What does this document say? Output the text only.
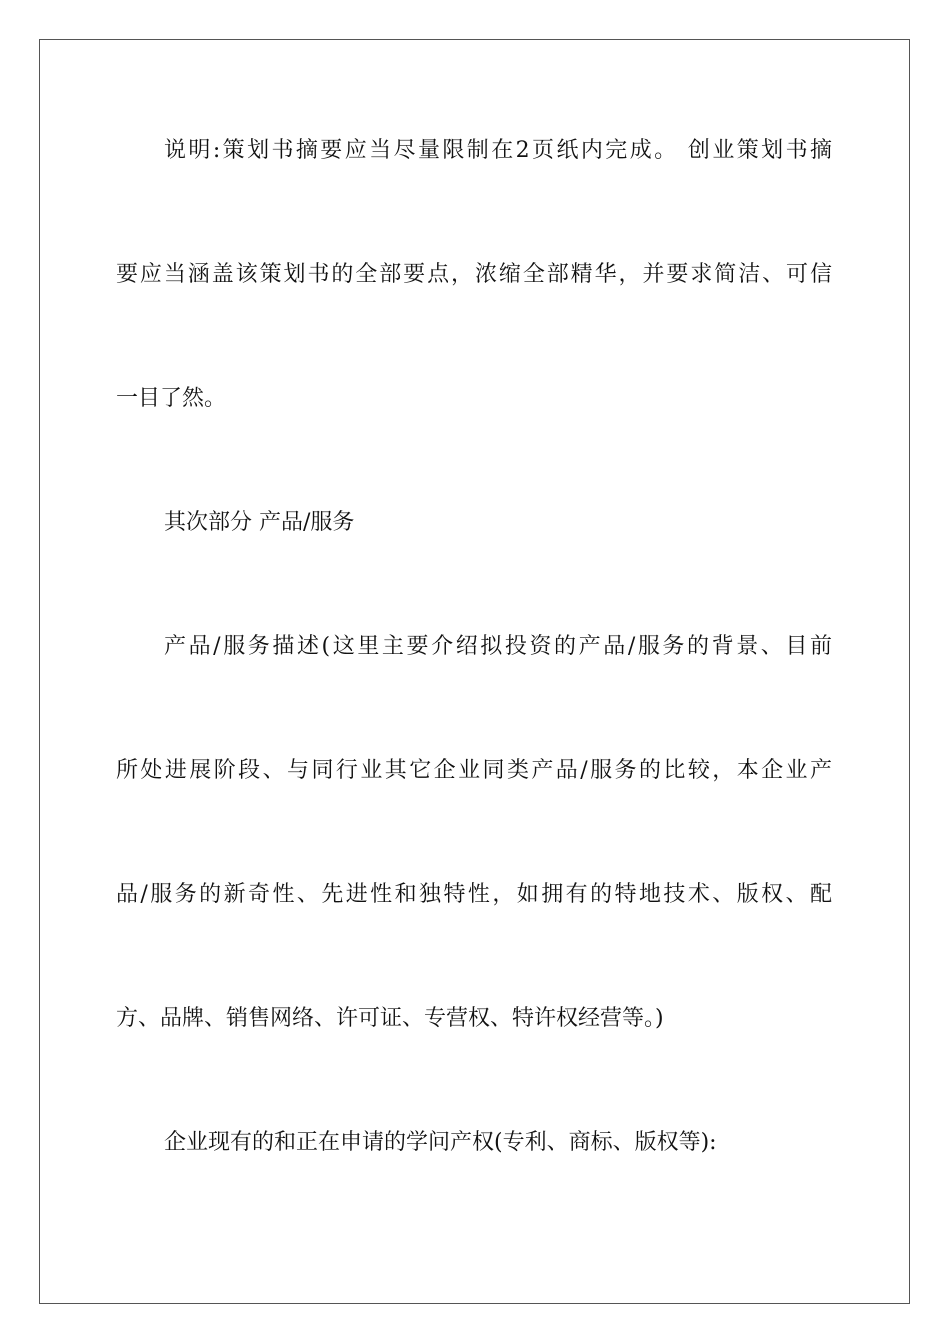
说明:策划书摘要应当尽量限制在2页纸内完成。 创业策划书摘
要应当涵盖该策划书的全部要点，浓缩全部精华，并要求简洁、可信
一目了然。
其次部分 产品/服务
产品/服务描述(这里主要介绍拟投资的产品/服务的背景、目前
所处进展阶段、与同行业其它企业同类产品/服务的比较，本企业产
品/服务的新奇性、先进性和独特性，如拥有的特地技术、版权、配
方、品牌、销售网络、许可证、专营权、特许权经营等。)
企业现有的和正在申请的学问产权(专利、商标、版权等):
